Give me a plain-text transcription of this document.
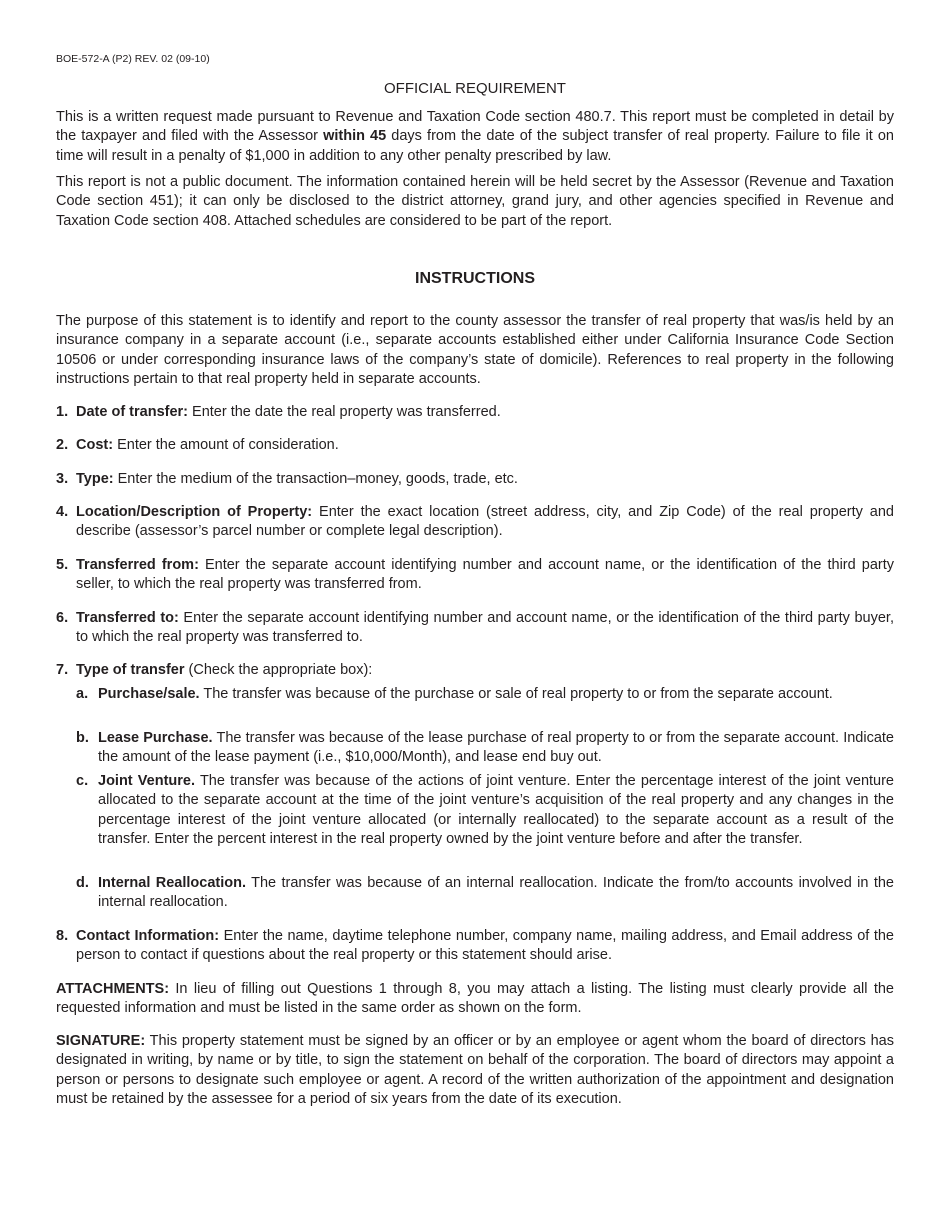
BOE-572-A (P2) REV. 02 (09-10)
OFFICIAL REQUIREMENT

This is a written request made pursuant to Revenue and Taxation Code section 480.7. This report must be completed in detail by the taxpayer and filed with the Assessor within 45 days from the date of the subject transfer of real property. Failure to file it on time will result in a penalty of $1,000 in addition to any other penalty prescribed by law.

This report is not a public document. The information contained herein will be held secret by the Assessor (Revenue and Taxation Code section 451); it can only be disclosed to the district attorney, grand jury, and other agencies specified in Revenue and Taxation Code section 408. Attached schedules are considered to be part of the report.

INSTRUCTIONS

The purpose of this statement is to identify and report to the county assessor the transfer of real property that was/is held by an insurance company in a separate account (i.e., separate accounts established either under California Insurance Code Section 10506 or under corresponding insurance laws of the company’s state of domicile). References to real property in the following instructions pertain to that real property held in separate accounts.

1. Date of transfer: Enter the date the real property was transferred.
2. Cost: Enter the amount of consideration.
3. Type: Enter the medium of the transaction–money, goods, trade, etc.
4. Location/Description of Property: Enter the exact location (street address, city, and Zip Code) of the real property and describe (assessor’s parcel number or complete legal description).
5. Transferred from: Enter the separate account identifying number and account name, or the identification of the third party seller, to which the real property was transferred from.
6. Transferred to: Enter the separate account identifying number and account name, or the identification of the third party buyer, to which the real property was transferred to.
7. Type of transfer (Check the appropriate box):
a. Purchase/sale. The transfer was because of the purchase or sale of real property to or from the separate account.
b. Lease Purchase. The transfer was because of the lease purchase of real property to or from the separate account. Indicate the amount of the lease payment (i.e., $10,000/Month), and lease end buy out.
c. Joint Venture. The transfer was because of the actions of joint venture. Enter the percentage interest of the joint venture allocated to the separate account at the time of the joint venture’s acquisition of the real property and any changes in the percentage interest of the joint venture allocated (or internally reallocated) to the separate account as a result of the transfer. Enter the percent interest in the real property owned by the joint venture before and after the transfer.
d. Internal Reallocation. The transfer was because of an internal reallocation. Indicate the from/to accounts involved in the internal reallocation.
8. Contact Information: Enter the name, daytime telephone number, company name, mailing address, and Email address of the person to contact if questions about the real property or this statement should arise.

ATTACHMENTS: In lieu of filling out Questions 1 through 8, you may attach a listing. The listing must clearly provide all the requested information and must be listed in the same order as shown on the form.

SIGNATURE: This property statement must be signed by an officer or by an employee or agent whom the board of directors has designated in writing, by name or by title, to sign the statement on behalf of the corporation. The board of directors may appoint a person or persons to designate such employee or agent. A record of the written authorization of the appointment and designation must be retained by the assessee for a period of six years from the date of its execution.
